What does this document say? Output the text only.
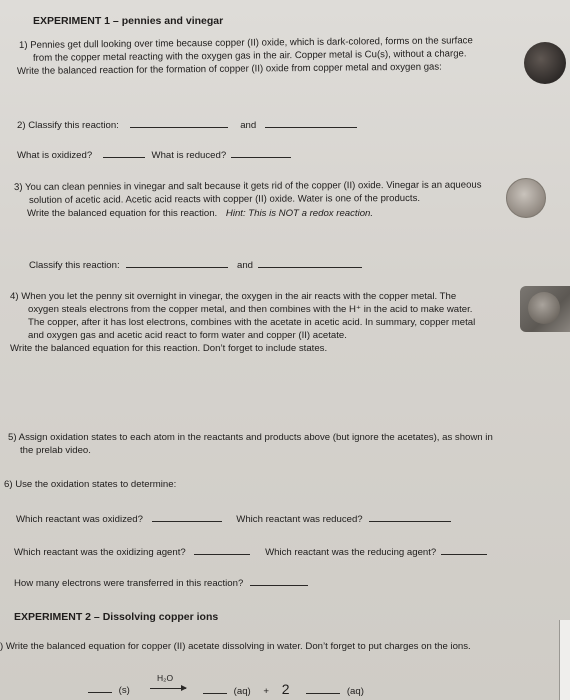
EXPERIMENT 1 – pennies and vinegar
1) Pennies get dull looking over time because copper (II) oxide, which is dark-colored, forms on the surface
from the copper metal reacting with the oxygen gas in the air. Copper metal is Cu(s), without a charge.
Write the balanced reaction for the formation of copper (II) oxide from copper metal and oxygen gas:
2) Classify this reaction:	and
What is oxidized?	What is reduced?
3) You can clean pennies in vinegar and salt because it gets rid of the copper (II) oxide. Vinegar is an aqueous
solution of acetic acid. Acetic acid reacts with copper (II) oxide. Water is one of the products.
Write the balanced equation for this reaction. Hint: This is NOT a redox reaction.
Classify this reaction:	and
4) When you let the penny sit overnight in vinegar, the oxygen in the air reacts with the copper metal. The
oxygen steals electrons from the copper metal, and then combines with the H⁺ in the acid to make water.
The copper, after it has lost electrons, combines with the acetate in acetic acid. In summary, copper metal
and oxygen gas and acetic acid react to form water and copper (II) acetate.
Write the balanced equation for this reaction. Don’t forget to include states.
5) Assign oxidation states to each atom in the reactants and products above (but ignore the acetates), as shown in
the prelab video.
6) Use the oxidation states to determine:
Which reactant was oxidized?	Which reactant was reduced?
Which reactant was the oxidizing agent?	Which reactant was the reducing agent?
How many electrons were transferred in this reaction?
EXPERIMENT 2 – Dissolving copper ions
) Write the balanced equation for copper (II) acetate dissolving in water. Don’t forget to put charges on the ions.
(s)
H₂O
(aq) + 2	(aq)
